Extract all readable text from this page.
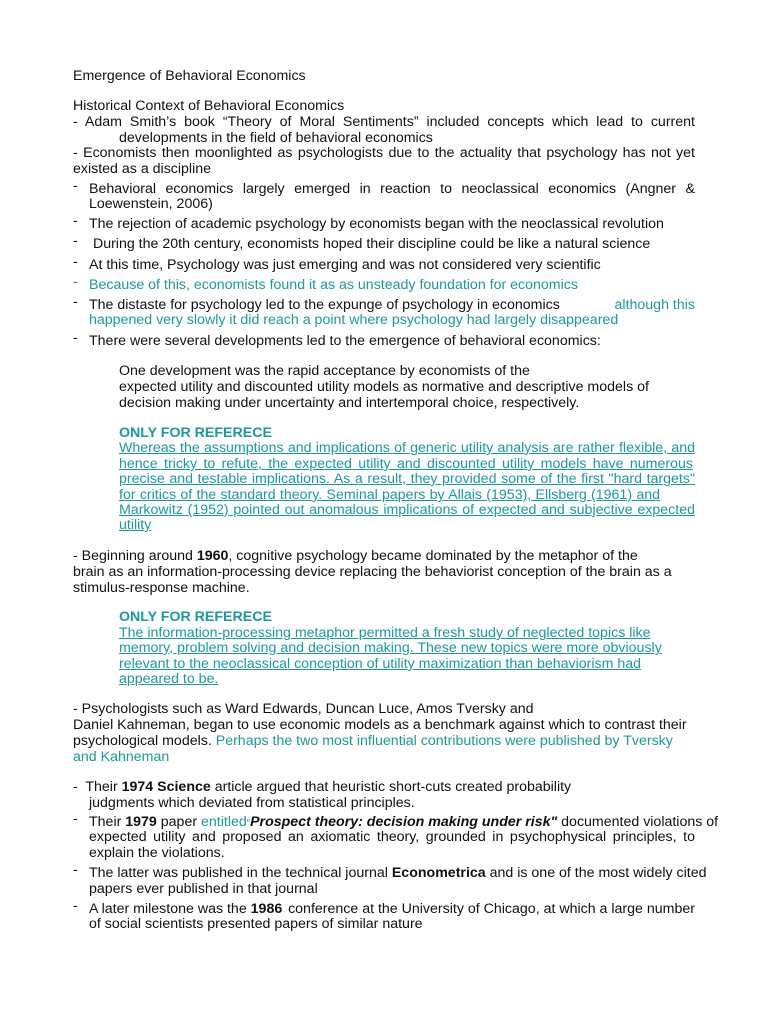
Emergence of Behavioral Economics
Historical Context of Behavioral Economics
- Adam Smith’s book “Theory of Moral Sentiments” included concepts which lead to current
developments in the field of behavioral economics
- Economists then moonlighted as psychologists due to the actuality that psychology has not yet
existed as a discipline
- Behavioral economics largely emerged in reaction to neoclassical economics (Angner &
Loewenstein, 2006)
- The rejection of academic psychology by economists began with the neoclassical revolution
- During the 20th century, economists hoped their discipline could be like a natural science
- At this time, Psychology was just emerging and was not considered very scientific
- Because of this, economists found it as as unsteady foundation for economics
- The distaste for psychology led to the expunge of psychology in economics	although this
happened very slowly it did reach a point where psychology had largely disappeared
- There were several developments led to the emergence of behavioral economics:
One development was the rapid acceptance by economists of the
expected utility and discounted utility models as normative and descriptive models of
decision making under uncertainty and intertemporal choice, respectively.
ONLY FOR REFERECE
Whereas the assumptions and implications of generic utility analysis are rather flexible, and
hence tricky to refute, the expected utility and discounted utility models have numerous
precise and testable implications. As a result, they provided some of the first "hard targets"
for critics of the standard theory. Seminal papers by Allais (1953), Ellsberg (1961) and
Markowitz (1952) pointed out anomalous implications of expected and subjective expected
utility
- Beginning around 1960, cognitive psychology became dominated by the metaphor of the
brain as an information-processing device replacing the behaviorist conception of the brain as a
stimulus-response machine.
ONLY FOR REFERECE
The information-processing metaphor permitted a fresh study of neglected topics like
memory, problem solving and decision making. These new topics were more obviously
relevant to the neoclassical conception of utility maximization than behaviorism had
appeared to be.
- Psychologists such as Ward Edwards, Duncan Luce, Amos Tversky and
Daniel Kahneman, began to use economic models as a benchmark against which to contrast their
psychological models. Perhaps the two most influential contributions were published by Tversky
and Kahneman
-  Their 1974 Science article argued that heuristic short-cuts created probability
judgments which deviated from statistical principles.
- Their 1979 paper entitled“Prospect theory: decision making under risk" documented violations of
expected utility and proposed an axiomatic theory, grounded in psychophysical principles, to
explain the violations.
- The latter was published in the technical journal Econometrica and is one of the most widely cited
papers ever published in that journal
- A later milestone was the 1986 conference at the University of Chicago, at which a large number
of social scientists presented papers of similar nature
